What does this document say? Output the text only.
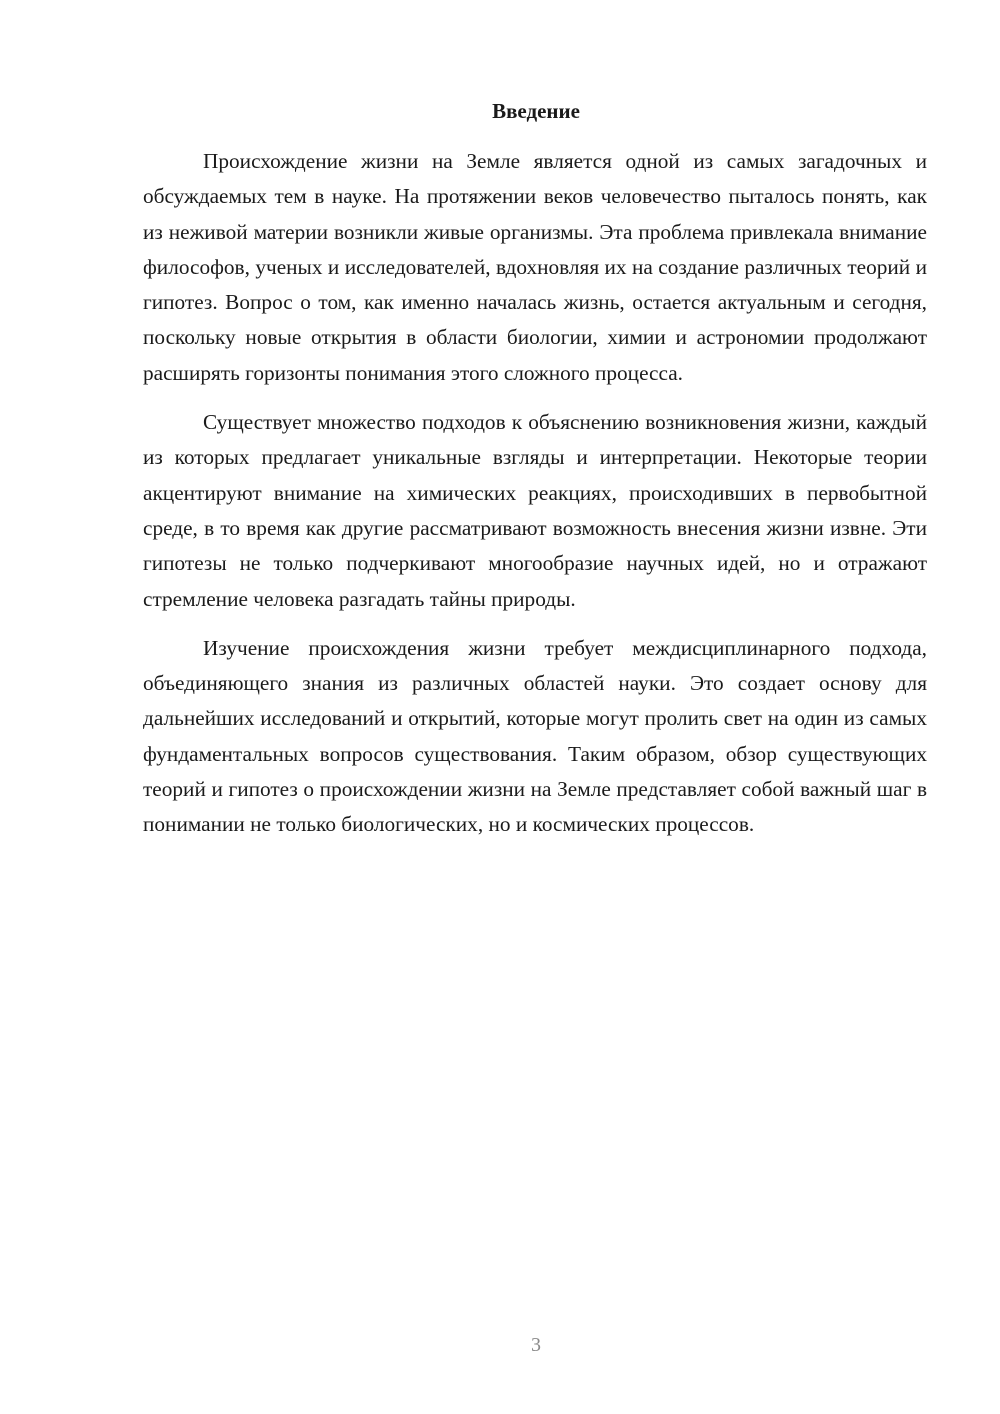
Введение

Происхождение жизни на Земле является одной из самых загадочных и обсуждаемых тем в науке. На протяжении веков человечество пыталось понять, как из неживой материи возникли живые организмы. Эта проблема привлекала внимание философов, ученых и исследователей, вдохновляя их на создание различных теорий и гипотез. Вопрос о том, как именно началась жизнь, остается актуальным и сегодня, поскольку новые открытия в области биологии, химии и астрономии продолжают расширять горизонты понимания этого сложного процесса.

Существует множество подходов к объяснению возникновения жизни, каждый из которых предлагает уникальные взгляды и интерпретации. Некоторые теории акцентируют внимание на химических реакциях, происходивших в первобытной среде, в то время как другие рассматривают возможность внесения жизни извне. Эти гипотезы не только подчеркивают многообразие научных идей, но и отражают стремление человека разгадать тайны природы.

Изучение происхождения жизни требует междисциплинарного подхода, объединяющего знания из различных областей науки. Это создает основу для дальнейших исследований и открытий, которые могут пролить свет на один из самых фундаментальных вопросов существования. Таким образом, обзор существующих теорий и гипотез о происхождении жизни на Земле представляет собой важный шаг в понимании не только биологических, но и космических процессов.

3
